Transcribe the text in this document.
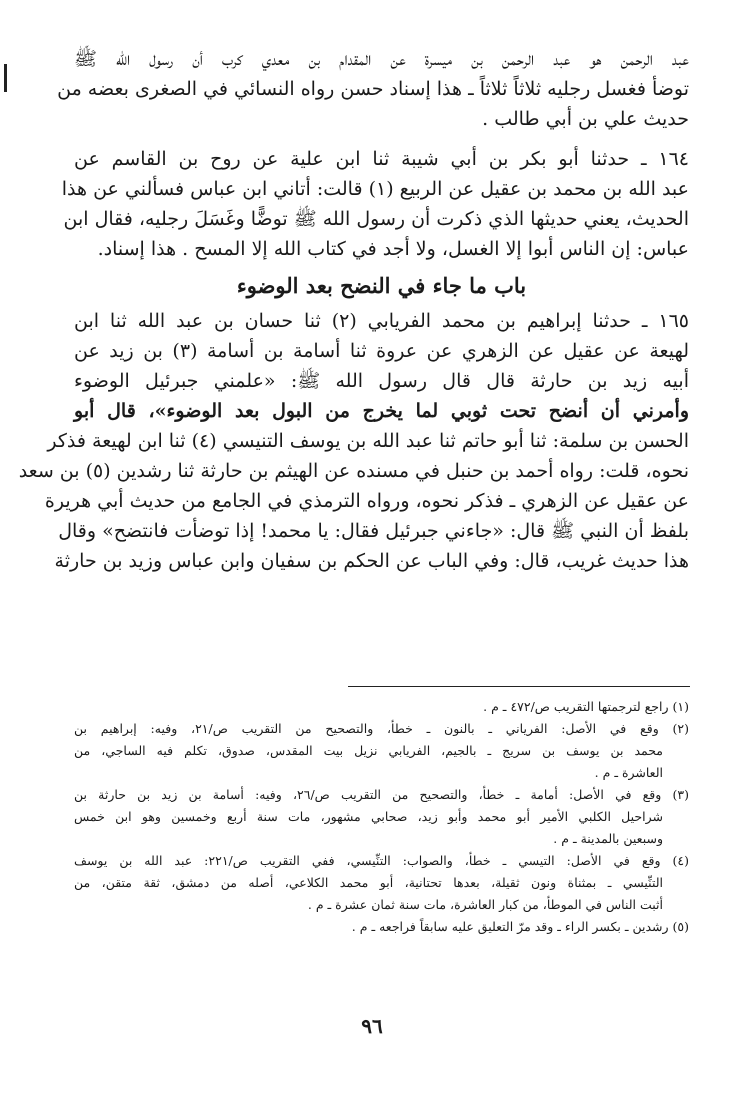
عبد الرحمن هو عبد الرحمن بن ميسرة عن المقدام بن معدي كرب أن رسول الله ﷺ
توضأ فغسل رجليه ثلاثاً ثلاثاً ـ هذا إسناد حسن رواه النسائي في الصغرى بعضه من
حديث علي بن أبي طالب .
١٦٤ ـ حدثنا أبو بكر بن أبي شيبة ثنا ابن علية عن روح بن القاسم عن
عبد الله بن محمد بن عقيل عن الربيع (١) قالت: أتاني ابن عباس فسألني عن هذا
الحديث، يعني حديثها الذي ذكرت أن رسول الله ﷺ توضًّا وغَسَلَ رجليه، فقال ابن
عباس: إن الناس أبوا إلا الغسل، ولا أجد في كتاب الله إلا المسح . هذا إسناد.
باب ما جاء في النضح بعد الوضوء
١٦٥ ـ حدثنا إبراهيم بن محمد الفريابي (٢) ثنا حسان بن عبد الله ثنا ابن
لهيعة عن عقيل عن الزهري عن عروة ثنا أسامة بن أسامة (٣) بن زيد عن
أبيه زيد بن حارثة قال قال رسول الله ﷺ: «علمني جبرئيل الوضوء
وأمرني أن أنضح تحت ثوبي لما يخرج من البول بعد الوضوء»، قال أبو
الحسن بن سلمة: ثنا أبو حاتم ثنا عبد الله بن يوسف التنيسي (٤) ثنا ابن لهيعة فذكر
نحوه، قلت: رواه أحمد بن حنبل في مسنده عن الهيثم بن حارثة ثنا رشدين (٥) بن سعد
عن عقيل عن الزهري ـ فذكر نحوه، ورواه الترمذي في الجامع من حديث أبي هريرة
بلفظ أن النبي ﷺ قال: «جاءني جبرئيل فقال: يا محمد! إذا توضأت فانتضح» وقال
هذا حديث غريب، قال: وفي الباب عن الحكم بن سفيان وابن عباس وزيد بن حارثة
(١) راجع لترجمتها التقريب ص/٤٧٢ ـ م .
(٢) وقع في الأصل: الفرياني ـ بالنون ـ خطأ، والتصحيح من التقريب ص/٢١، وفيه: إبراهيم بن
محمد بن يوسف بن سريج ـ بالجيم، الفريابي نزيل بيت المقدس، صدوق، تكلم فيه الساجي، من
العاشرة ـ م .
(٣) وقع في الأصل: أمامة ـ خطأ، والتصحيح من التقريب ص/٢٦، وفيه: أسامة بن زيد بن حارثة بن
شراحيل الكلبي الأمير أبو محمد وأبو زيد، صحابي مشهور، مات سنة أربع وخمسين وهو ابن خمس
وسبعين بالمدينة ـ م .
(٤) وقع في الأصل: التيسي ـ خطأ، والصواب: التنِّيسي، ففي التقريب ص/٢٢١: عبد الله بن يوسف
التنِّيسي ـ بمثناة ونون ثقيلة، بعدها تحتانية، أبو محمد الكلاعي، أصله من دمشق، ثقة متقن، من
أثبت الناس في الموطأ، من كبار العاشرة، مات سنة ثمان عشرة ـ م .
(٥) رشدين ـ بكسر الراء ـ وقد مرّ التعليق عليه سابقاً فراجعه ـ م .
٩٦
